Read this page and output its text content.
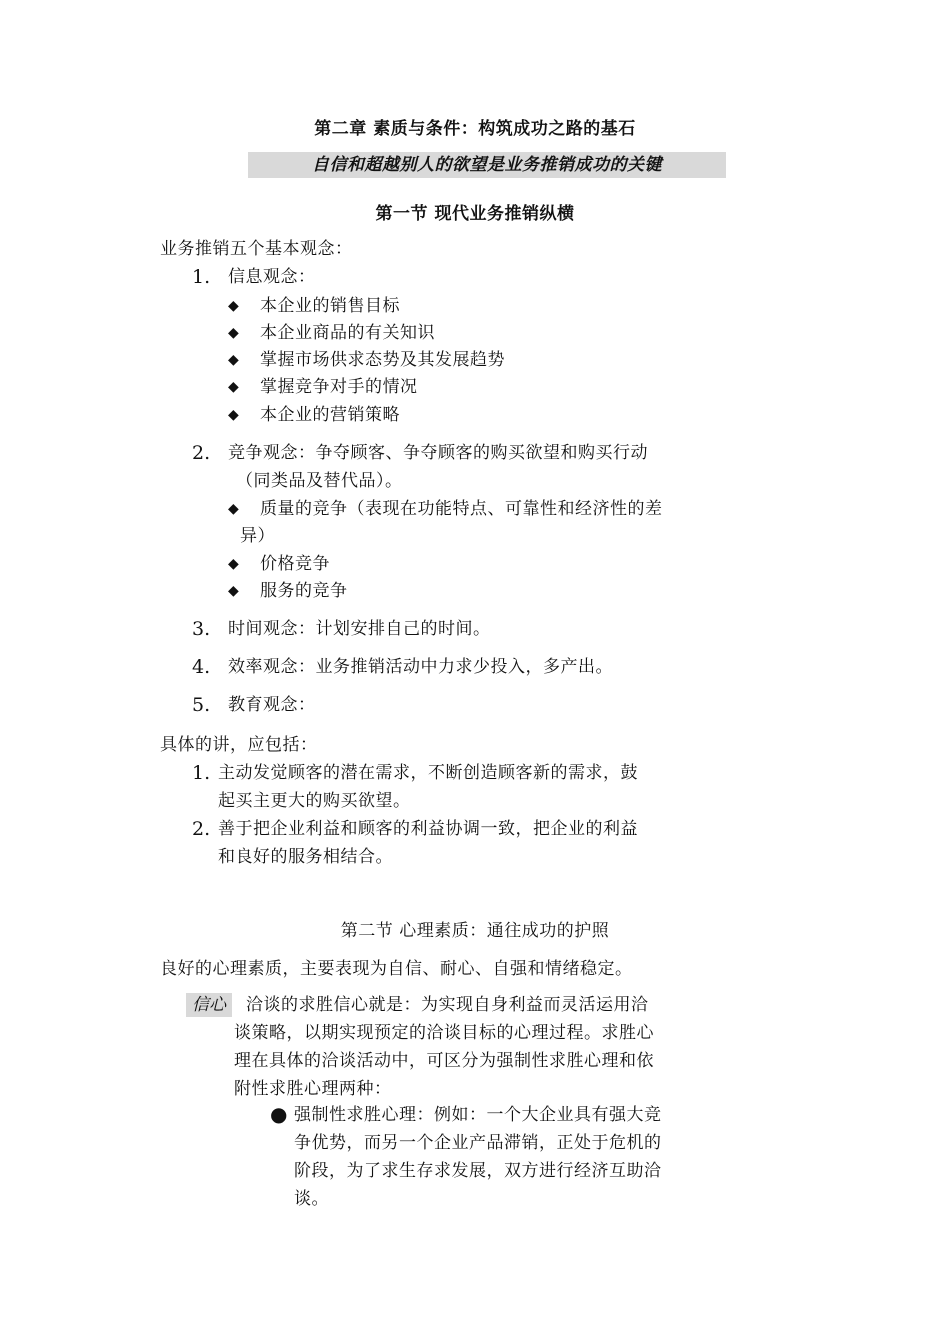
第二章 素质与条件：构筑成功之路的基石
自信和超越别人的欲望是业务推销成功的关键
第一节 现代业务推销纵横
业务推销五个基本观念：
1. 信息观念：
◆ 本企业的销售目标
◆ 本企业商品的有关知识
◆ 掌握市场供求态势及其发展趋势
◆ 掌握竞争对手的情况
◆ 本企业的营销策略
2. 竞争观念：争夺顾客、争夺顾客的购买欲望和购买行动
（同类品及替代品）。
◆ 质量的竞争（表现在功能特点、可靠性和经济性的差
异）
◆ 价格竞争
◆ 服务的竞争
3. 时间观念：计划安排自己的时间。
4. 效率观念：业务推销活动中力求少投入，多产出。
5. 教育观念：
具体的讲，应包括：
1. 主动发觉顾客的潜在需求，不断创造顾客新的需求，鼓
起买主更大的购买欲望。
2. 善于把企业利益和顾客的利益协调一致，把企业的利益
和良好的服务相结合。
第二节 心理素质：通往成功的护照
良好的心理素质，主要表现为自信、耐心、自强和情绪稳定。
信心	洽谈的求胜信心就是：为实现自身利益而灵活运用洽
谈策略，以期实现预定的洽谈目标的心理过程。求胜心
理在具体的洽谈活动中，可区分为强制性求胜心理和依
附性求胜心理两种：
● 强制性求胜心理：例如：一个大企业具有强大竞
争优势，而另一个企业产品滞销，正处于危机的
阶段，为了求生存求发展，双方进行经济互助洽
谈。
